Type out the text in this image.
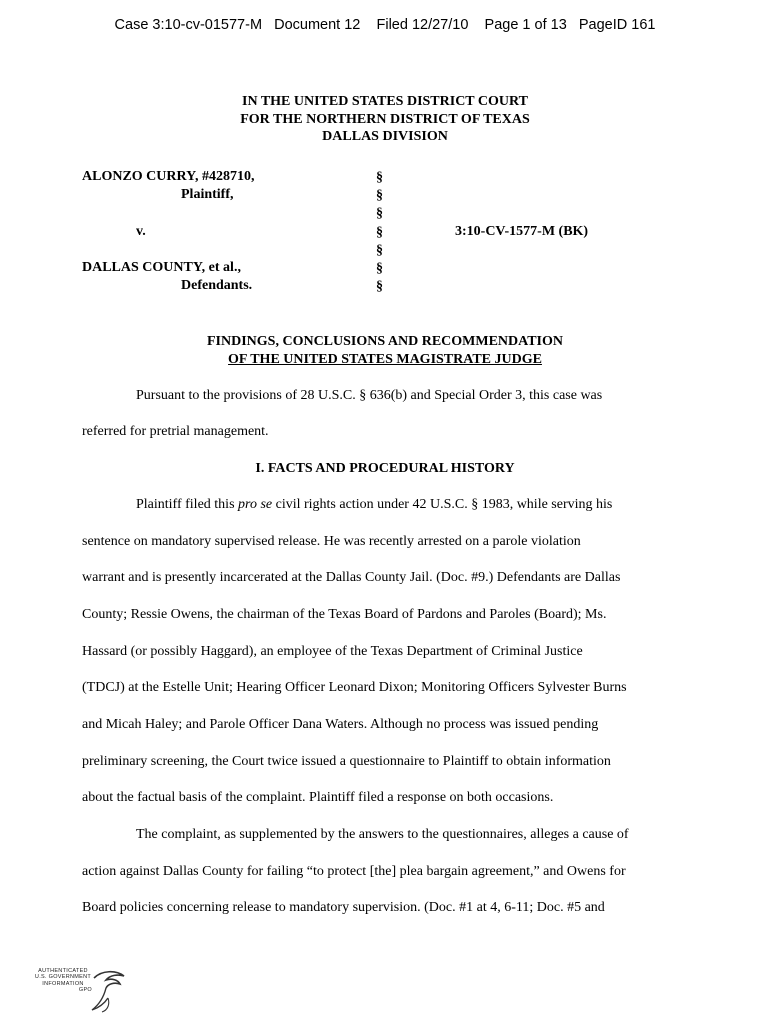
Case 3:10-cv-01577-M Document 12 Filed 12/27/10 Page 1 of 13 PageID 161
IN THE UNITED STATES DISTRICT COURT
FOR THE NORTHERN DISTRICT OF TEXAS
DALLAS DIVISION
ALONZO CURRY, #428710,
Plaintiff,
v.
DALLAS COUNTY, et al.,
Defendants.
§
§
§
§
§
§
§
3:10-CV-1577-M (BK)
FINDINGS, CONCLUSIONS AND RECOMMENDATION
OF THE UNITED STATES MAGISTRATE JUDGE
Pursuant to the provisions of 28 U.S.C. § 636(b) and Special Order 3, this case was
referred for pretrial management.
I. FACTS AND PROCEDURAL HISTORY
Plaintiff filed this pro se civil rights action under 42 U.S.C. § 1983, while serving his
sentence on mandatory supervised release. He was recently arrested on a parole violation
warrant and is presently incarcerated at the Dallas County Jail. (Doc. #9.) Defendants are Dallas
County; Ressie Owens, the chairman of the Texas Board of Pardons and Paroles (Board); Ms.
Hassard (or possibly Haggard), an employee of the Texas Department of Criminal Justice
(TDCJ) at the Estelle Unit; Hearing Officer Leonard Dixon; Monitoring Officers Sylvester Burns
and Micah Haley; and Parole Officer Dana Waters. Although no process was issued pending
preliminary screening, the Court twice issued a questionnaire to Plaintiff to obtain information
about the factual basis of the complaint. Plaintiff filed a response on both occasions.
The complaint, as supplemented by the answers to the questionnaires, alleges a cause of
action against Dallas County for failing “to protect [the] plea bargain agreement,” and Owens for
Board policies concerning release to mandatory supervision. (Doc. #1 at 4, 6-11; Doc. #5 and
AUTHENTICATED
U.S. GOVERNMENT
INFORMATION
GPO
